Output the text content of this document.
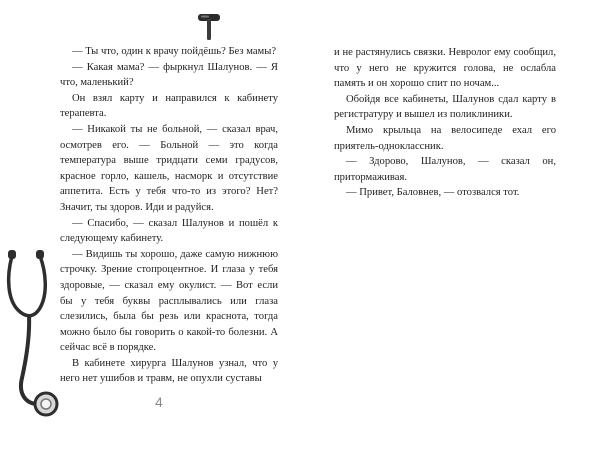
— Ты что, один к врачу пойдёшь? Без мамы?

— Какая мама? — фыркнул Шалунов. — Я что, маленький?

Он взял карту и направился к кабинету терапевта.

— Никакой ты не больной, — сказал врач, осмотрев его. — Больной — это когда температура выше тридцати семи градусов, красное горло, кашель, насморк и отсутствие аппетита. Есть у тебя что-то из этого? Нет? Значит, ты здоров. Иди и радуйся.

— Спасибо, — сказал Шалунов и пошёл к следующему кабинету.

— Видишь ты хорошо, даже самую нижнюю строчку. Зрение стопроцентное. И глаза у тебя здоровые, — сказал ему окулист. — Вот если бы у тебя буквы расплывались или глаза слезились, была бы резь или краснота, тогда можно было бы говорить о какой-то болезни. А сейчас всё в порядке.

В кабинете хирурга Шалунов узнал, что у него нет ушибов и травм, не опухли суставы

4

и не растянулись связки. Невролог ему сообщил, что у него не кружится голова, не ослабла память и он хорошо спит по ночам...

Обойдя все кабинеты, Шалунов сдал карту в регистратуру и вышел из поликлиники.

Мимо крыльца на велосипеде ехал его приятель-одноклассник.

— Здорово, Шалунов, — сказал он, притормаживая.

— Привет, Баловнев, — отозвался тот.
